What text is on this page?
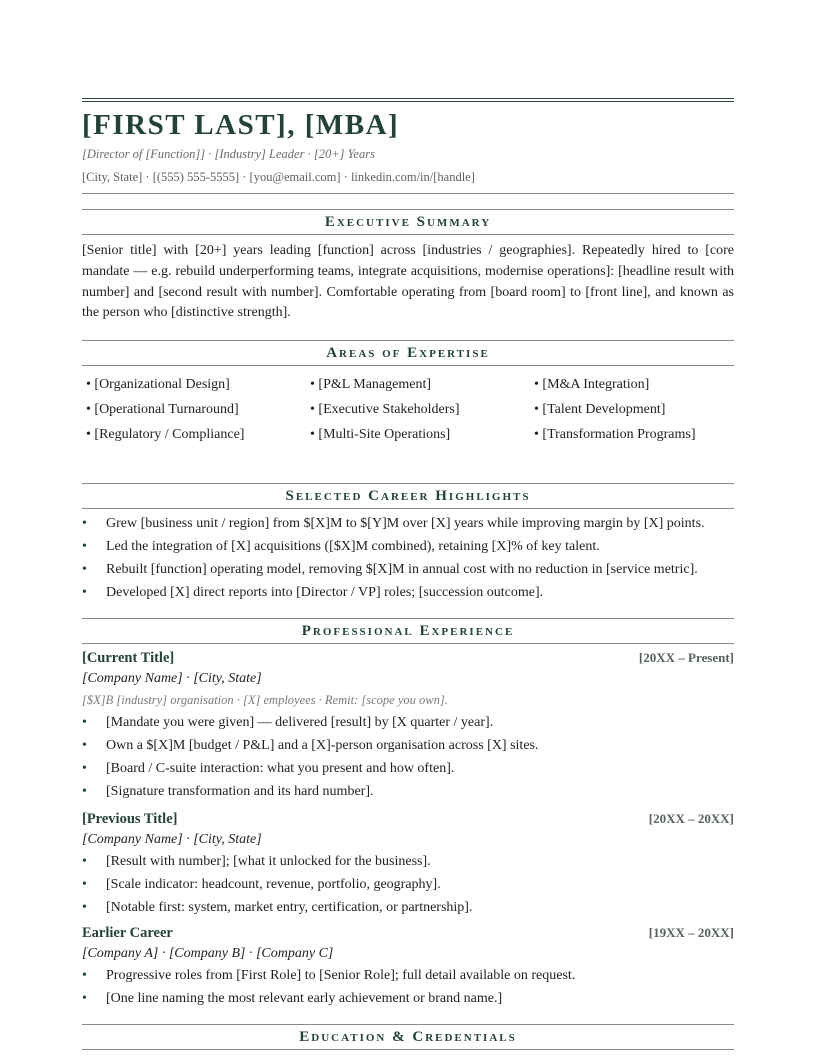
[FIRST LAST], [MBA]
[Director of [Function]] · [Industry] Leader · [20+] Years
[City, State] · [(555) 555-5555] · [you@email.com] · linkedin.com/in/[handle]
Executive Summary
[Senior title] with [20+] years leading [function] across [industries / geographies]. Repeatedly hired to [core mandate — e.g. rebuild underperforming teams, integrate acquisitions, modernise operations]: [headline result with number] and [second result with number]. Comfortable operating from [board room] to [front line], and known as the person who [distinctive strength].
Areas of Expertise
• [Organizational Design]	• [P&L Management]	• [M&A Integration]
• [Operational Turnaround]	• [Executive Stakeholders]	• [Talent Development]
• [Regulatory / Compliance]	• [Multi-Site Operations]	• [Transformation Programs]
Selected Career Highlights
• Grew [business unit / region] from $[X]M to $[Y]M over [X] years while improving margin by [X] points.
• Led the integration of [X] acquisitions ([$X]M combined), retaining [X]% of key talent.
• Rebuilt [function] operating model, removing $[X]M in annual cost with no reduction in [service metric].
• Developed [X] direct reports into [Director / VP] roles; [succession outcome].
Professional Experience
[Current Title]	[20XX – Present]
[Company Name] · [City, State]
[$X]B [industry] organisation · [X] employees · Remit: [scope you own].
• [Mandate you were given] — delivered [result] by [X quarter / year].
• Own a $[X]M [budget / P&L] and a [X]-person organisation across [X] sites.
• [Board / C-suite interaction: what you present and how often].
• [Signature transformation and its hard number].
[Previous Title]	[20XX – 20XX]
[Company Name] · [City, State]
• [Result with number]; [what it unlocked for the business].
• [Scale indicator: headcount, revenue, portfolio, geography].
• [Notable first: system, market entry, certification, or partnership].
Earlier Career	[19XX – 20XX]
[Company A] · [Company B] · [Company C]
• Progressive roles from [First Role] to [Senior Role]; full detail available on request.
• [One line naming the most relevant early achievement or brand name.]
Education & Credentials
